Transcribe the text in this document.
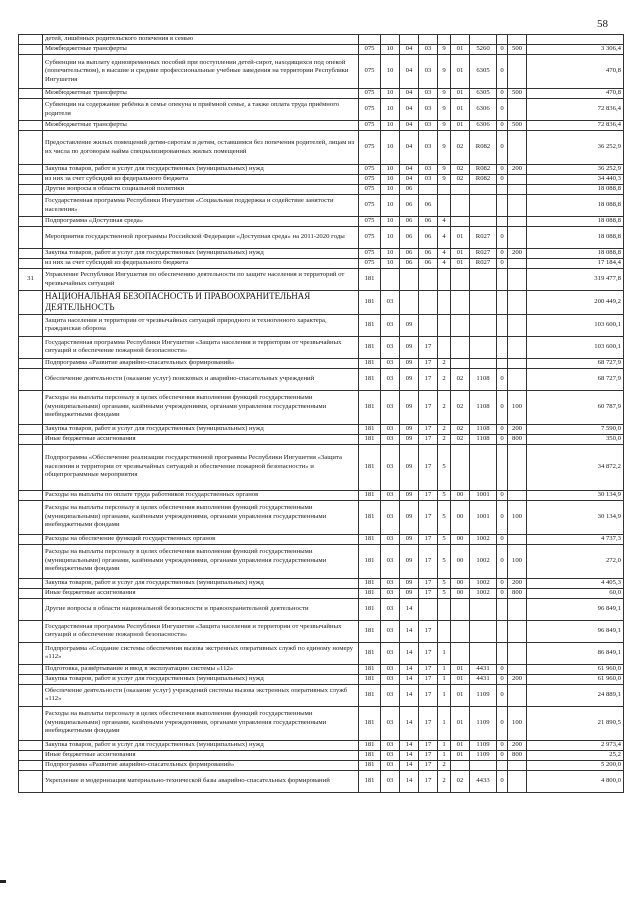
58
	детей, лишённых родительского попечения в семью										
	Межбюджетные трансферты	075	10	04	03	9	01	5260	0	500	3 306,4
	Субвенции на выплату единовременных пособий при поступлении детей-сирот, находящихся под опекой (попечительством), в высшие и средние профессиональные учебные заведения на территории Республики Ингушетия	075	10	04	03	9	01	6305	0		470,8
	Межбюджетные трансферты	075	10	04	03	9	01	6305	0	500	470,8
	Субвенции на содержание ребёнка в семье опекуна и приёмной семье, а также оплата труда приёмного родителя	075	10	04	03	9	01	6306	0		72 836,4
	Межбюджетные трансферты	075	10	04	03	9	01	6306	0	500	72 836,4
	Предоставление жилых помещений детям-сиротам и детям, оставшимся без попечения родителей, лицам из их числа по договорам найма специализированных жилых помещений	075	10	04	03	9	02	R082	0		36 252,9
	Закупка товаров, работ и услуг для государственных (муниципальных) нужд	075	10	04	03	9	02	R082	0	200	36 252,9
	из них за счет субсидий из федерального бюджета	075	10	04	03	9	02	R082	0		34 440,3
	Другие вопросы в области социальной политики	075	10	06							18 088,8
	Государственная программа Республики Ингушетия «Социальная поддержка и содействие занятости населения»	075	10	06	06						18 088,8
	Подпрограмма «Доступная среда»	075	10	06	06	4					18 088,8
	Мероприятия государственной программы Российской Федерации «Доступная среда» на 2011-2020 годы	075	10	06	06	4	01	R027	0		18 088,8
	Закупка товаров, работ и услуг для государственных (муниципальных) нужд	075	10	06	06	4	01	R027	0	200	18 088,8
	из них за счет субсидий из федерального бюджета	075	10	06	06	4	01	R027	0		17 184,4
31	Управление Республики Ингушетия по обеспечению деятельности по защите населения и территорий от чрезвычайных ситуаций	181									319 477,8
	НАЦИОНАЛЬНАЯ БЕЗОПАСНОСТЬ И ПРАВООХРАНИТЕЛЬНАЯ ДЕЯТЕЛЬНОСТЬ	181	03								200 449,2
	Защита населения и территории от чрезвычайных ситуаций природного и техногенного характера, гражданская оборона	181	03	09							103 600,1
	Государственная программа Республики Ингушетия «Защита населения и территории от чрезвычайных ситуаций и обеспечение пожарной безопасности»	181	03	09	17						103 600,1
	Подпрограмма «Развитие аварийно-спасательных формирований»	181	03	09	17	2					68 727,9
	Обеспечение деятельности (оказание услуг) поисковых и аварийно-спасательных учреждений	181	03	09	17	2	02	1108	0		68 727,9
	Расходы на выплаты персоналу в целях обеспечения выполнения функций государственными (муниципальными) органами, казёнными учреждениями, органами управления государственными внебюджетными фондами	181	03	09	17	2	02	1108	0	100	60 787,9
	Закупка товаров, работ и услуг для государственных (муниципальных) нужд	181	03	09	17	2	02	1108	0	200	7 590,0
	Иные бюджетные ассигнования	181	03	09	17	2	02	1108	0	800	350,0
	Подпрограмма «Обеспечение реализации государственной программы Республики Ингушетия «Защита населения и территории от чрезвычайных ситуаций и обеспечение пожарной безопасности» и общепрограммные мероприятия	181	03	09	17	5					34 872,2
	Расходы на выплаты по оплате труда работников государственных органов	181	03	09	17	5	00	1001	0		30 134,9
	Расходы на выплаты персоналу в целях обеспечения выполнения функций государственными (муниципальными) органами, казёнными учреждениями, органами управления государственными внебюджетными фондами	181	03	09	17	5	00	1001	0	100	30 134,9
	Расходы на обеспечение функций государственных органов	181	03	09	17	5	00	1002	0		4 737,3
	Расходы на выплаты персоналу в целях обеспечения выполнения функций государственными (муниципальными) органами, казёнными учреждениями, органами управления государственными внебюджетными фондами	181	03	09	17	5	00	1002	0	100	272,0
	Закупка товаров, работ и услуг для государственных (муниципальных) нужд	181	03	09	17	5	00	1002	0	200	4 405,3
	Иные бюджетные ассигнования	181	03	09	17	5	00	1002	0	800	60,0
	Другие вопросы в области национальной безопасности и правоохранительной деятельности	181	03	14							96 849,1
	Государственная программа Республики Ингушетия «Защита населения и территории от чрезвычайных ситуаций и обеспечение пожарной безопасности»	181	03	14	17						96 849,1
	Подпрограмма «Создание системы обеспечения вызова экстренных оперативных служб по единому номеру «112»	181	03	14	17	1					86 849,1
	Подготовка, развёртывание и ввод в эксплуатацию системы «112»	181	03	14	17	1	01	4431	0		61 960,0
	Закупка товаров, работ и услуг для государственных (муниципальных) нужд	181	03	14	17	1	01	4431	0	200	61 960,0
	Обеспечение деятельности (оказание услуг) учреждений системы вызова экстренных оперативных служб «112»	181	03	14	17	1	01	1109	0		24 889,1
	Расходы на выплаты персоналу в целях обеспечения выполнения функций государственными (муниципальными) органами, казёнными учреждениями, органами управления государственными внебюджетными фондами	181	03	14	17	1	01	1109	0	100	21 890,5
	Закупка товаров, работ и услуг для государственных (муниципальных) нужд	181	03	14	17	1	01	1109	0	200	2 973,4
	Иные бюджетные ассигнования	181	03	14	17	1	01	1109	0	800	25,2
	Подпрограмма «Развитие аварийно-спасательных формирований»	181	03	14	17	2					5 200,0
	Укрепление и модернизация материально-технической базы аварийно-спасательных формирований	181	03	14	17	2	02	4433	0		4 800,0
